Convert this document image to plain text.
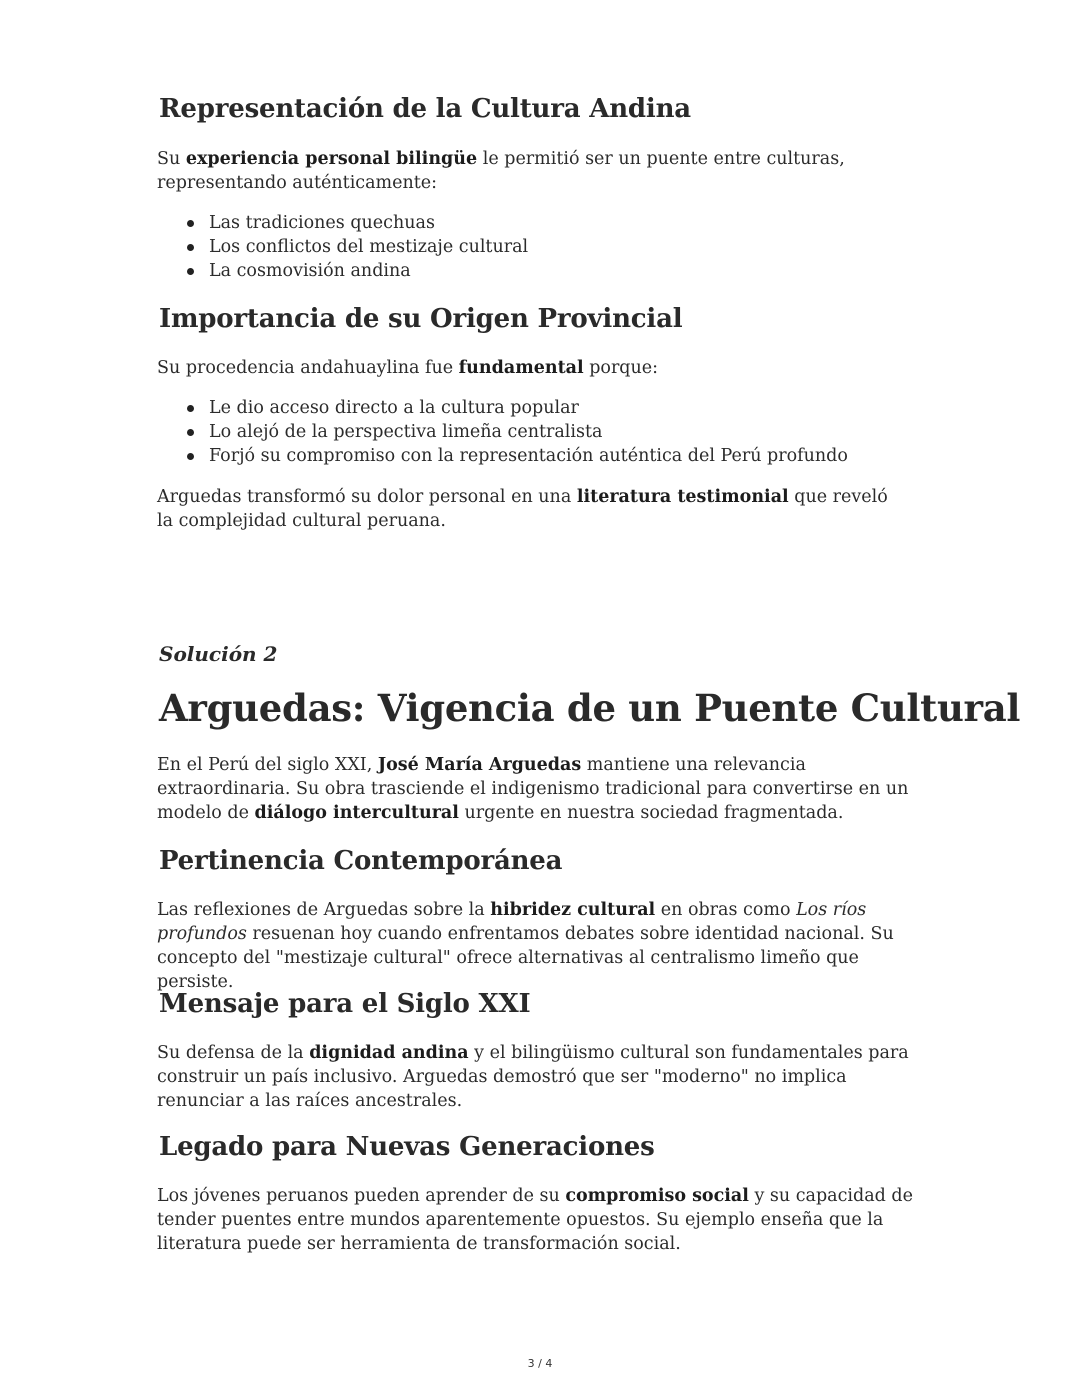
Representación de la Cultura Andina

Su experiencia personal bilingüe le permitió ser un puente entre culturas, representando auténticamente:

Las tradiciones quechuas
Los conflictos del mestizaje cultural
La cosmovisión andina
Importancia de su Origen Provincial

Su procedencia andahuaylina fue fundamental porque:

Le dio acceso directo a la cultura popular
Lo alejó de la perspectiva limeña centralista
Forjó su compromiso con la representación auténtica del Perú profundo

Arguedas transformó su dolor personal en una literatura testimonial que reveló la complejidad cultural peruana.

Solución 2

Arguedas: Vigencia de un Puente Cultural

En el Perú del siglo XXI, José María Arguedas mantiene una relevancia extraordinaria. Su obra trasciende el indigenismo tradicional para convertirse en un modelo de diálogo intercultural urgente en nuestra sociedad fragmentada.

Pertinencia Contemporánea

Las reflexiones de Arguedas sobre la hibridez cultural en obras como Los ríos profundos resuenan hoy cuando enfrentamos debates sobre identidad nacional. Su concepto del "mestizaje cultural" ofrece alternativas al centralismo limeño que persiste.

Mensaje para el Siglo XXI

Su defensa de la dignidad andina y el bilingüismo cultural son fundamentales para construir un país inclusivo. Arguedas demostró que ser "moderno" no implica renunciar a las raíces ancestrales.

Legado para Nuevas Generaciones

Los jóvenes peruanos pueden aprender de su compromiso social y su capacidad de tender puentes entre mundos aparentemente opuestos. Su ejemplo enseña que la literatura puede ser herramienta de transformación social.

3 / 4
